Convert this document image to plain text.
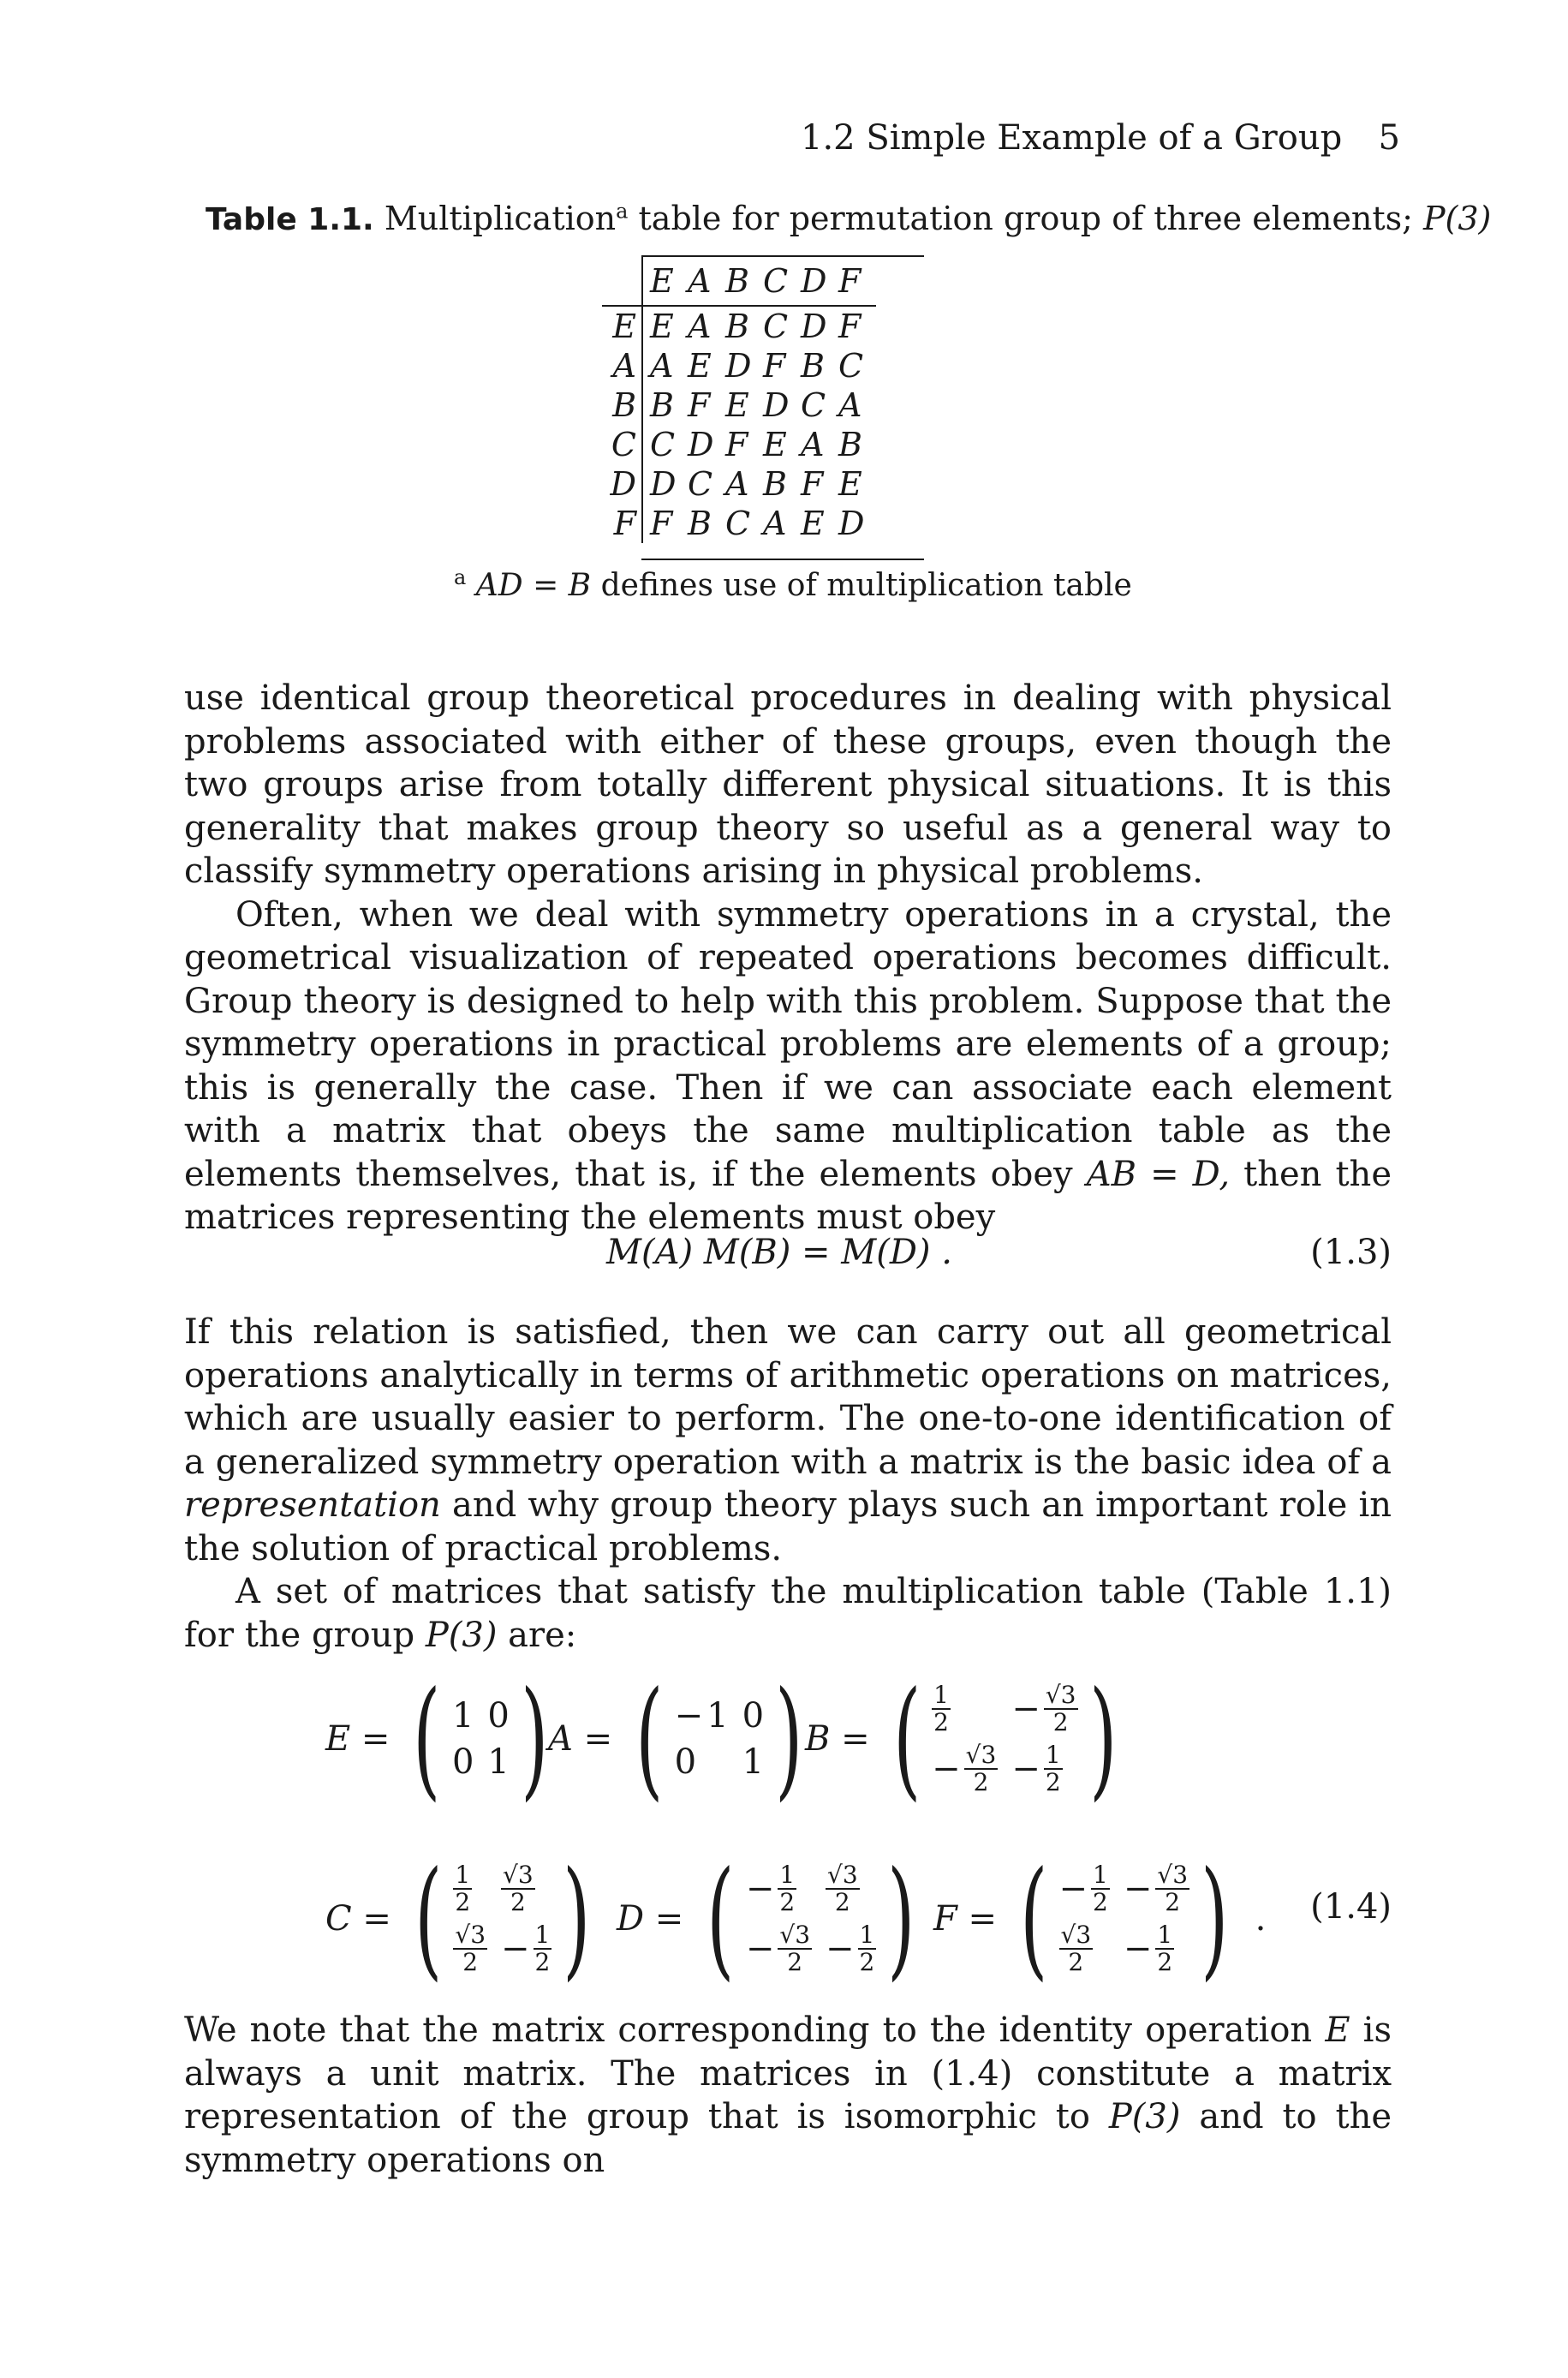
1.2 Simple Example of a Group 5
Table 1.1. Multiplication$^a$ table for permutation group of three elements; P(3)
	E	A	B	C	D	F
E	E	A	B	C	D	F
A	A	E	D	F	B	C
B	B	F	E	D	C	A
C	C	D	F	E	A	B
D	D	C	A	B	F	E
F	F	B	C	A	E	D
$^a$ AD = B defines use of multiplication table

use identical group theoretical procedures in dealing with physical problems associated with either of these groups, even though the two groups arise from totally different physical situations. It is this generality that makes group theory so useful as a general way to classify symmetry operations arising in physical problems.

Often, when we deal with symmetry operations in a crystal, the geometrical visualization of repeated operations becomes difficult. Group theory is designed to help with this problem. Suppose that the symmetry operations in practical problems are elements of a group; this is generally the case. Then if we can associate each element with a matrix that obeys the same multiplication table as the elements themselves, that is, if the elements obey AB = D, then the matrices representing the elements must obey

M(A) M(B) = M(D) .	(1.3)

If this relation is satisfied, then we can carry out all geometrical operations analytically in terms of arithmetic operations on matrices, which are usually easier to perform. The one-to-one identification of a generalized symmetry operation with a matrix is the basic idea of a representation and why group theory plays such an important role in the solution of practical problems.

A set of matrices that satisfy the multiplication table (Table 1.1) for the group P(3) are:

E = ( 1 0
0 1 ) A = ( − 1 0
0 1 ) B = ( $\frac{1}{2} - \frac{√3}{2}$
− $\frac{√3}{2} - \frac{1}{2}$ )
C = ( $\frac{1}{2} \frac{√3}{2}$
$\frac{√3}{2} - \frac{1}{2}$ ) D = ( − $\frac{1}{2} \frac{√3}{2}$
− $\frac{√3}{2} - \frac{1}{2}$ ) F = ( − $\frac{1}{2} - \frac{√3}{2}$
$\frac{√3}{2} - \frac{1}{2}$ ) . (1.4)

We note that the matrix corresponding to the identity operation E is always a unit matrix. The matrices in (1.4) constitute a matrix representation of the group that is isomorphic to P(3) and to the symmetry operations on
